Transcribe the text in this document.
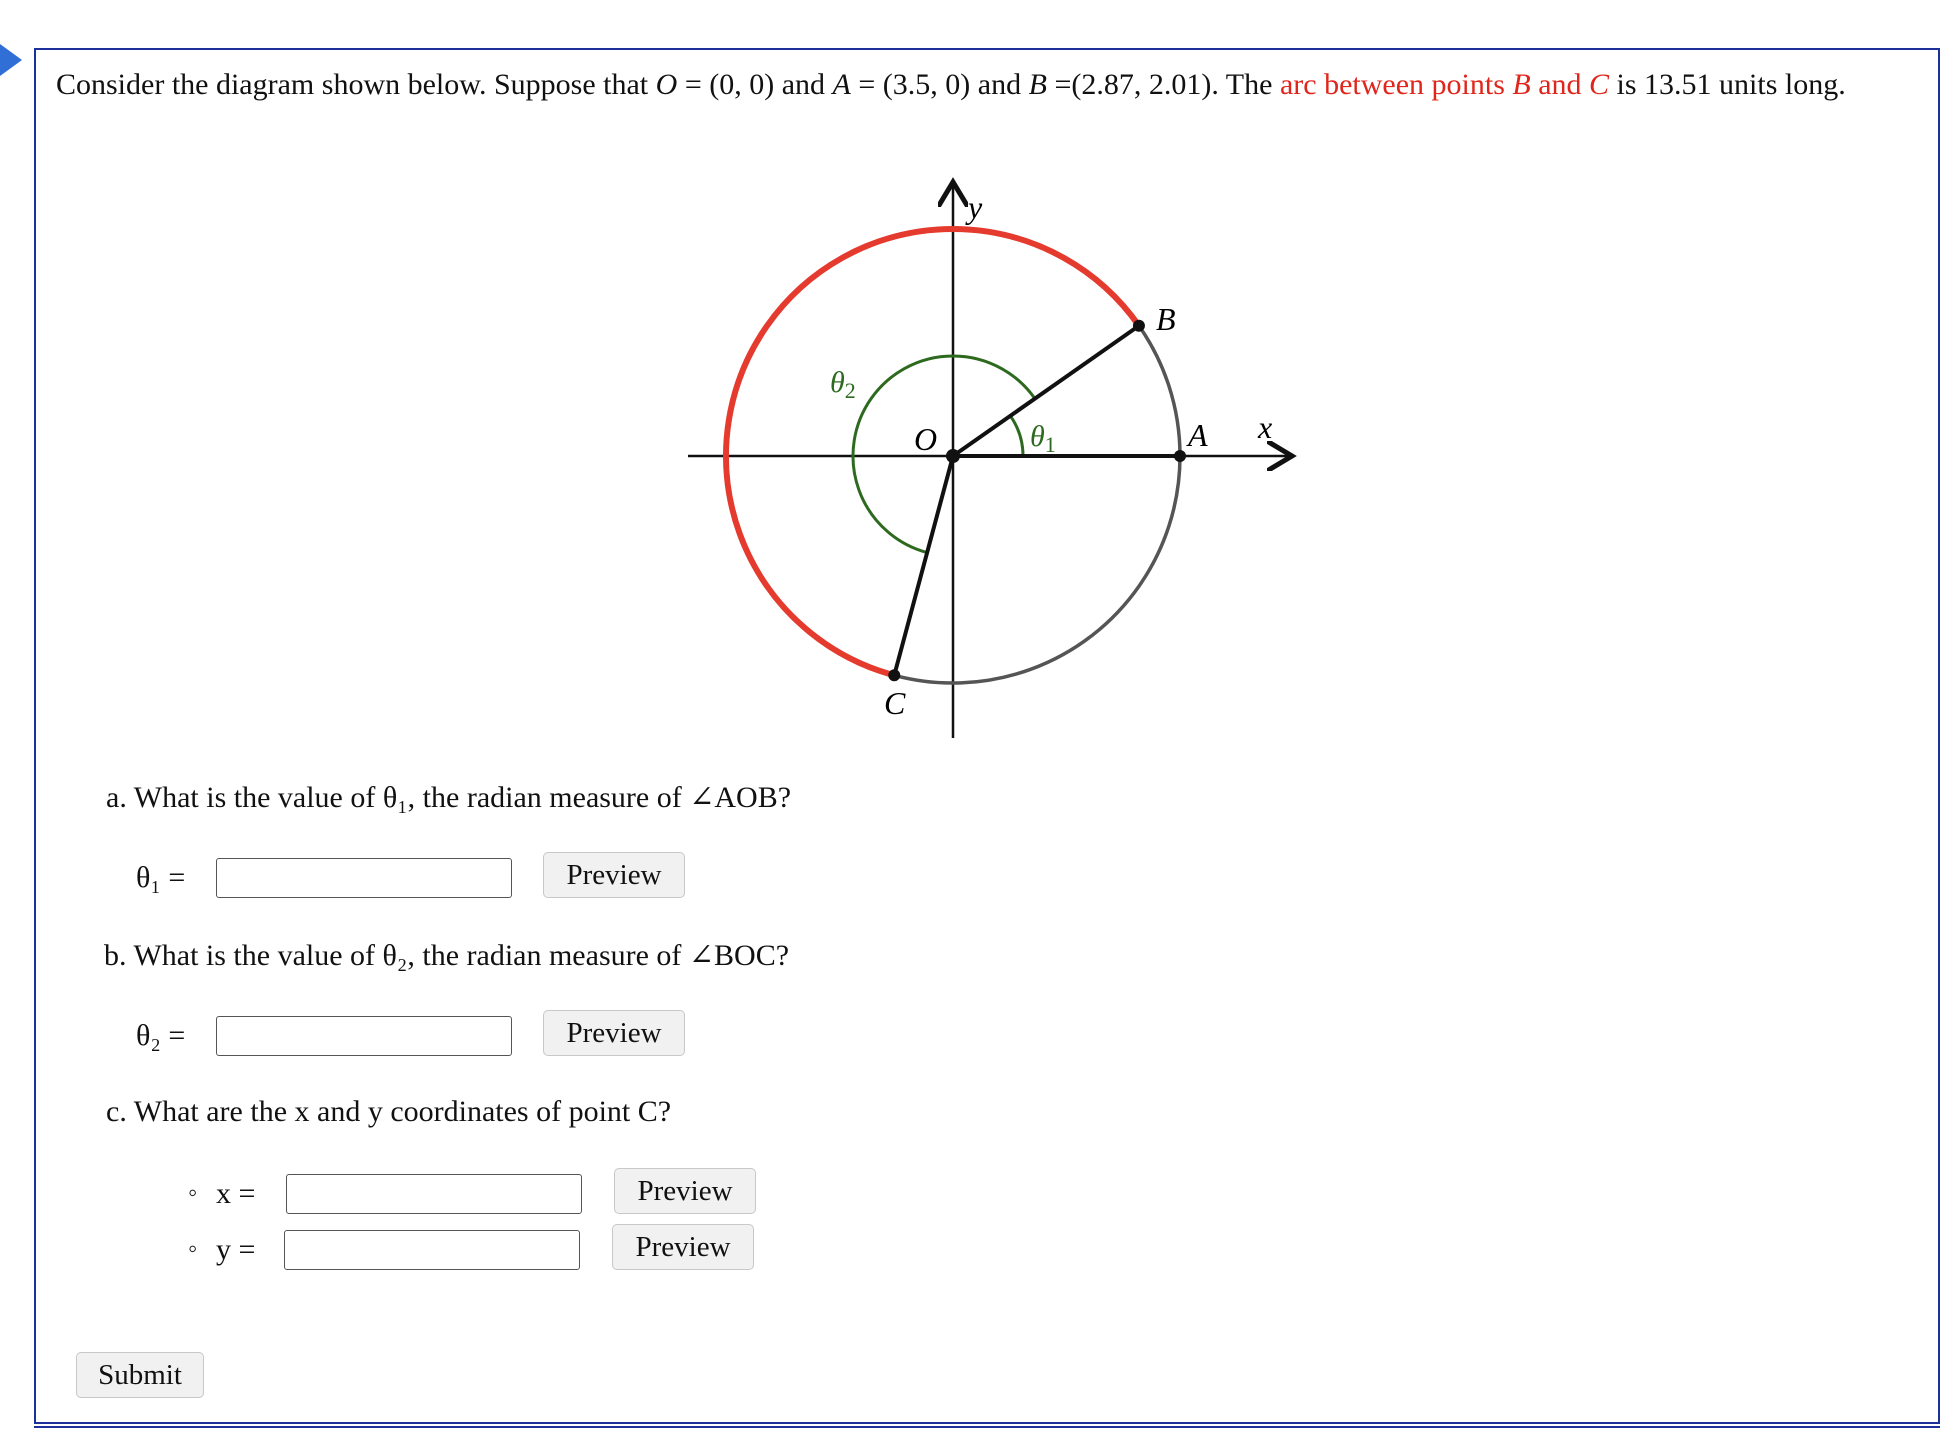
Consider the diagram shown below. Suppose that O = (0, 0) and A = (3.5, 0) and B =(2.87, 2.01). The arc between points B and C is 13.51 units long.
y
x
A
B
C
O	$\theta_1$
$\theta_2$
a. What is the value of θ₁, the radian measure of ∠AOB?
θ₁ =	Preview
b. What is the value of θ₂, the radian measure of ∠BOC?
θ₂ =	Preview
c. What are the x and y coordinates of point C?
◦ x =	Preview
◦ y =	Preview
Submit
